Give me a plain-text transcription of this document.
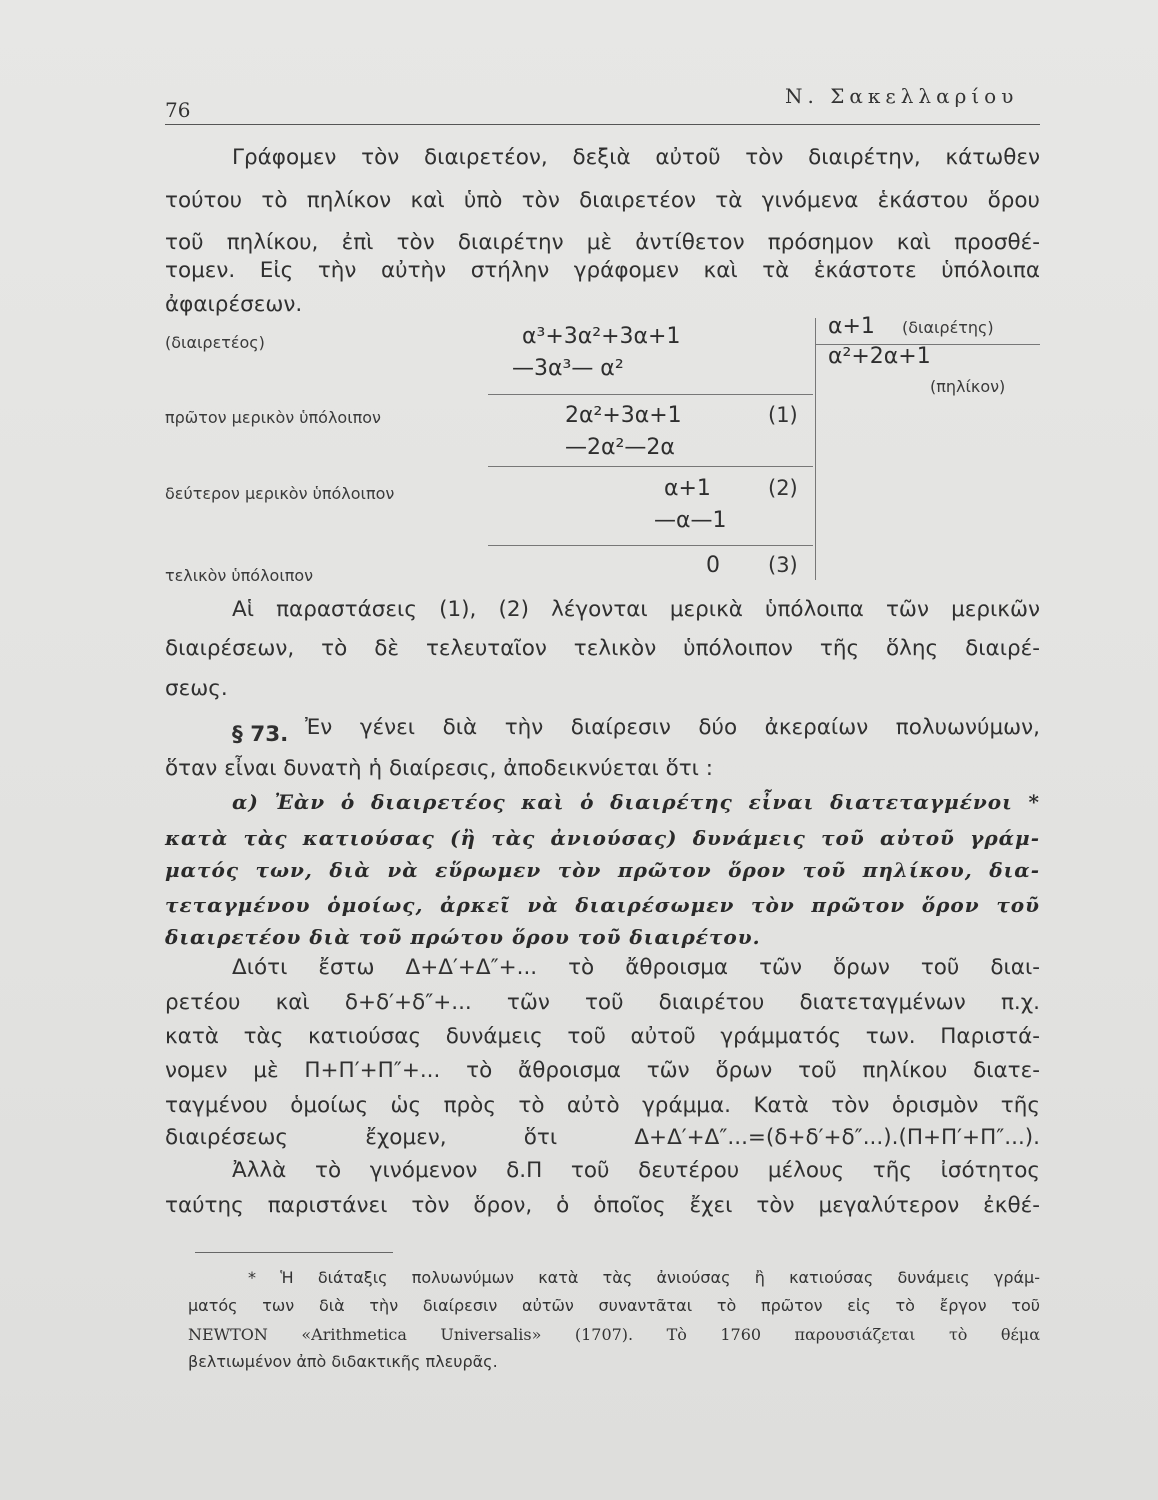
76
Ν. Σακελλαρίου
Γράφομεν τὸν διαιρετέον, δεξιὰ αὐτοῦ τὸν διαιρέτην, κάτωθεν
τούτου τὸ πηλίκον καὶ ὑπὸ τὸν διαιρετέον τὰ γινόμενα ἑκάστου ὅρου
τοῦ πηλίκου, ἐπὶ τὸν διαιρέτην μὲ ἀντίθετον πρόσημον καὶ προσθέ-
τομεν. Εἰς τὴν αὐτὴν στήλην γράφομεν καὶ τὰ ἑκάστοτε ὑπόλοιπα
ἀφαιρέσεων.
(διαιρετέος)	α³+3α²+3α+1
—3α³— α²
πρῶτον μερικὸν ὑπόλοιπον	2α²+3α+1	(1)
—2α²—2α
δεύτερον μερικὸν ὑπόλοιπον	α+1	(2)
—α—1
τελικὸν ὑπόλοιπον	0 (3)
α+1 (διαιρέτης)
α²+2α+1
(πηλίκον)
Αἱ παραστάσεις (1), (2) λέγονται μερικὰ ὑπόλοιπα τῶν μερικῶν
διαιρέσεων, τὸ δὲ τελευταῖον τελικὸν ὑπόλοιπον τῆς ὅλης διαιρέ-
σεως.
§ 73. Ἐν γένει διὰ τὴν διαίρεσιν δύο ἀκεραίων πολυωνύμων,
ὅταν εἶναι δυνατὴ ἡ διαίρεσις, ἀποδεικνύεται ὅτι :
α) Ἐὰν ὁ διαιρετέος καὶ ὁ διαιρέτης εἶναι διατεταγμένοι *
κατὰ τὰς κατιούσας (ἢ τὰς ἀνιούσας) δυνάμεις τοῦ αὐτοῦ γράμ-
ματός των, διὰ νὰ εὕρωμεν τὸν πρῶτον ὅρον τοῦ πηλίκου, δια-
τεταγμένου ὁμοίως, ἀρκεῖ νὰ διαιρέσωμεν τὸν πρῶτον ὅρον τοῦ
διαιρετέου διὰ τοῦ πρώτου ὅρου τοῦ διαιρέτου.
Διότι ἔστω Δ+Δ′+Δ″+... τὸ ἄθροισμα τῶν ὅρων τοῦ διαι-
ρετέου καὶ δ+δ′+δ″+... τῶν τοῦ διαιρέτου διατεταγμένων π.χ.
κατὰ τὰς κατιούσας δυνάμεις τοῦ αὐτοῦ γράμματός των. Παριστά-
νομεν μὲ Π+Π′+Π″+... τὸ ἄθροισμα τῶν ὅρων τοῦ πηλίκου διατε-
ταγμένου ὁμοίως ὡς πρὸς τὸ αὐτὸ γράμμα. Κατὰ τὸν ὁρισμὸν τῆς
διαιρέσεως ἔχομεν, ὅτι Δ+Δ′+Δ″...=(δ+δ′+δ″...).(Π+Π′+Π″...).
Ἀλλὰ τὸ γινόμενον δ.Π τοῦ δευτέρου μέλους τῆς ἰσότητος
ταύτης παριστάνει τὸν ὅρον, ὁ ὁποῖος ἔχει τὸν μεγαλύτερον ἐκθέ-
* Ἡ διάταξις πολυωνύμων κατὰ τὰς ἀνιούσας ἢ κατιούσας δυνάμεις γράμ-
ματός των διὰ τὴν διαίρεσιν αὐτῶν συναντᾶται τὸ πρῶτον εἰς τὸ ἔργον τοῦ
NEWTON «Arithmetica Universalis» (1707). Τὸ 1760 παρουσιάζεται τὸ θέμα
βελτιωμένον ἀπὸ διδακτικῆς πλευρᾶς.
